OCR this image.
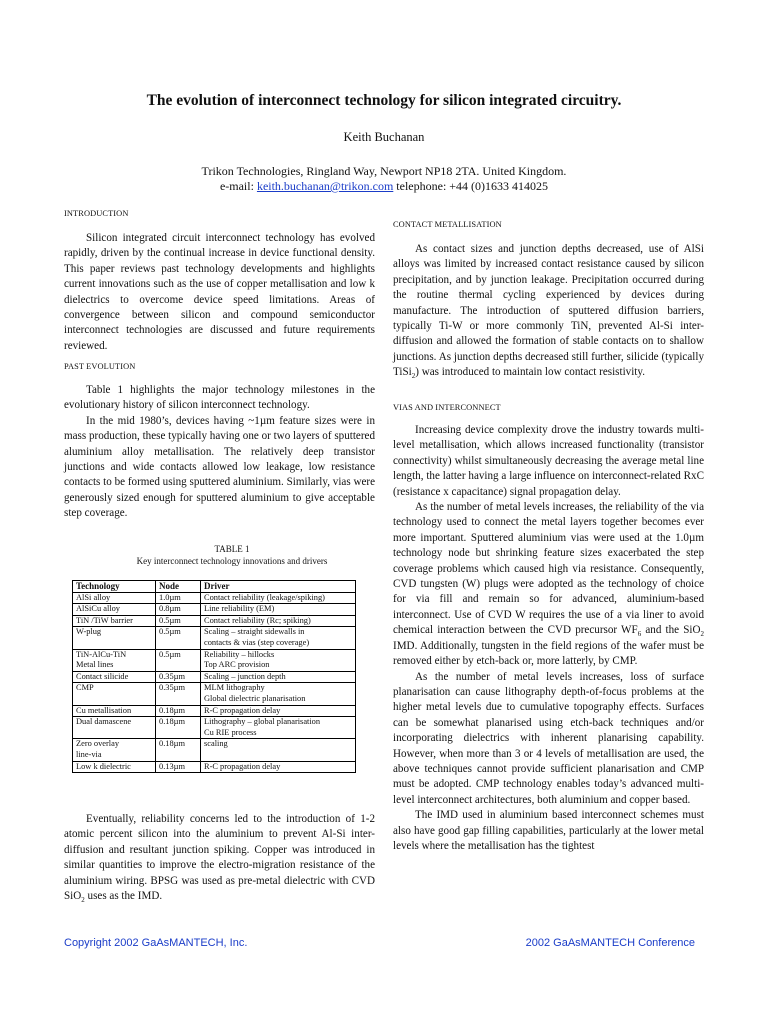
The evolution of interconnect technology for silicon integrated circuitry.
Keith Buchanan
Trikon Technologies, Ringland Way, Newport NP18 2TA. United Kingdom.
e-mail: keith.buchanan@trikon.com telephone: +44 (0)1633 414025
INTRODUCTION

Silicon integrated circuit interconnect technology has evolved rapidly, driven by the continual increase in device functional density. This paper reviews past technology developments and highlights current innovations such as the use of copper metallisation and low k dielectrics to overcome device speed limitations. Areas of convergence between silicon and compound semiconductor interconnect technologies are discussed and future requirements reviewed.

PAST EVOLUTION

Table 1 highlights the major technology milestones in the evolutionary history of silicon interconnect technology.

In the mid 1980’s, devices having ~1µm feature sizes were in mass production, these typically having one or two layers of sputtered aluminium alloy metallisation. The relatively deep transistor junctions and wide contacts allowed low leakage, low resistance contacts to be formed using sputtered aluminium. Similarly, vias were generously sized enough for sputtered aluminium to give acceptable step coverage.

TABLE 1
Key interconnect technology innovations and drivers
Technology	Node	Driver
AlSi alloy	1.0µm	Contact reliability (leakage/spiking)
AlSiCu alloy	0.8µm	Line reliability (EM)
TiN /TiW barrier	0.5µm	Contact reliability (Rc; spiking)
W-plug	0.5µm	Scaling – straight sidewalls in
contacts & vias (step coverage)
TiN-AlCu-TiN
Metal lines	0.5µm	Reliability – hillocks
Top ARC provision
Contact silicide	0.35µm	Scaling – junction depth
CMP	0.35µm	MLM lithography
Global dielectric planarisation
Cu metallisation	0.18µm	R-C propagation delay
Dual damascene	0.18µm	Lithography – global planarisation
Cu RIE process
Zero overlay
line-via	0.18µm	scaling
Low k dielectric	0.13µm	R-C propagation delay

Eventually, reliability concerns led to the introduction of 1-2 atomic percent silicon into the aluminium to prevent Al-Si inter-diffusion and resultant junction spiking. Copper was introduced in similar quantities to improve the electro-migration resistance of the aluminium wiring. BPSG was used as pre-metal dielectric with CVD SiO$_2$ uses as the IMD.

CONTACT METALLISATION

As contact sizes and junction depths decreased, use of AlSi alloys was limited by increased contact resistance caused by silicon precipitation, and by junction leakage. Precipitation occurred during the routine thermal cycling experienced by devices during manufacture. The introduction of sputtered diffusion barriers, typically Ti-W or more commonly TiN, prevented Al-Si inter-diffusion and allowed the formation of stable contacts on to shallow junctions. As junction depths decreased still further, silicide (typically TiSi$_2$) was introduced to maintain low contact resistivity.

VIAS AND INTERCONNECT

Increasing device complexity drove the industry towards multi-level metallisation, which allows increased functionality (transistor connectivity) whilst simultaneously decreasing the average metal line length, the latter having a large influence on interconnect-related RxC (resistance x capacitance) signal propagation delay.

As the number of metal levels increases, the reliability of the via technology used to connect the metal layers together becomes ever more important. Sputtered aluminium vias were used at the 1.0µm technology node but shrinking feature sizes exacerbated the step coverage problems which caused high via resistance. Consequently, CVD tungsten (W) plugs were adopted as the technology of choice for via fill and remain so for advanced, aluminium-based interconnect. Use of CVD W requires the use of a via liner to avoid chemical interaction between the CVD precursor $WF_6$ and the SiO$_2$ IMD. Additionally, tungsten in the field regions of the wafer must be removed either by etch-back or, more latterly, by CMP.

As the number of metal levels increases, loss of surface planarisation can cause lithography depth-of-focus problems at the higher metal levels due to cumulative topography effects. Surfaces can be somewhat planarised using etch-back techniques and/or incorporating dielectrics with inherent planarising capability. However, when more than 3 or 4 levels of metallisation are used, the above techniques cannot provide sufficient planarisation and CMP must be adopted. CMP technology enables today’s advanced multi-level interconnect architectures, both aluminium and copper based.

The IMD used in aluminium based interconnect schemes must also have good gap filling capabilities, particularly at the lower metal levels where the metallisation has the tightest

Copyright 2002 GaAsMANTECH, Inc.	2002 GaAsMANTECH Conference
